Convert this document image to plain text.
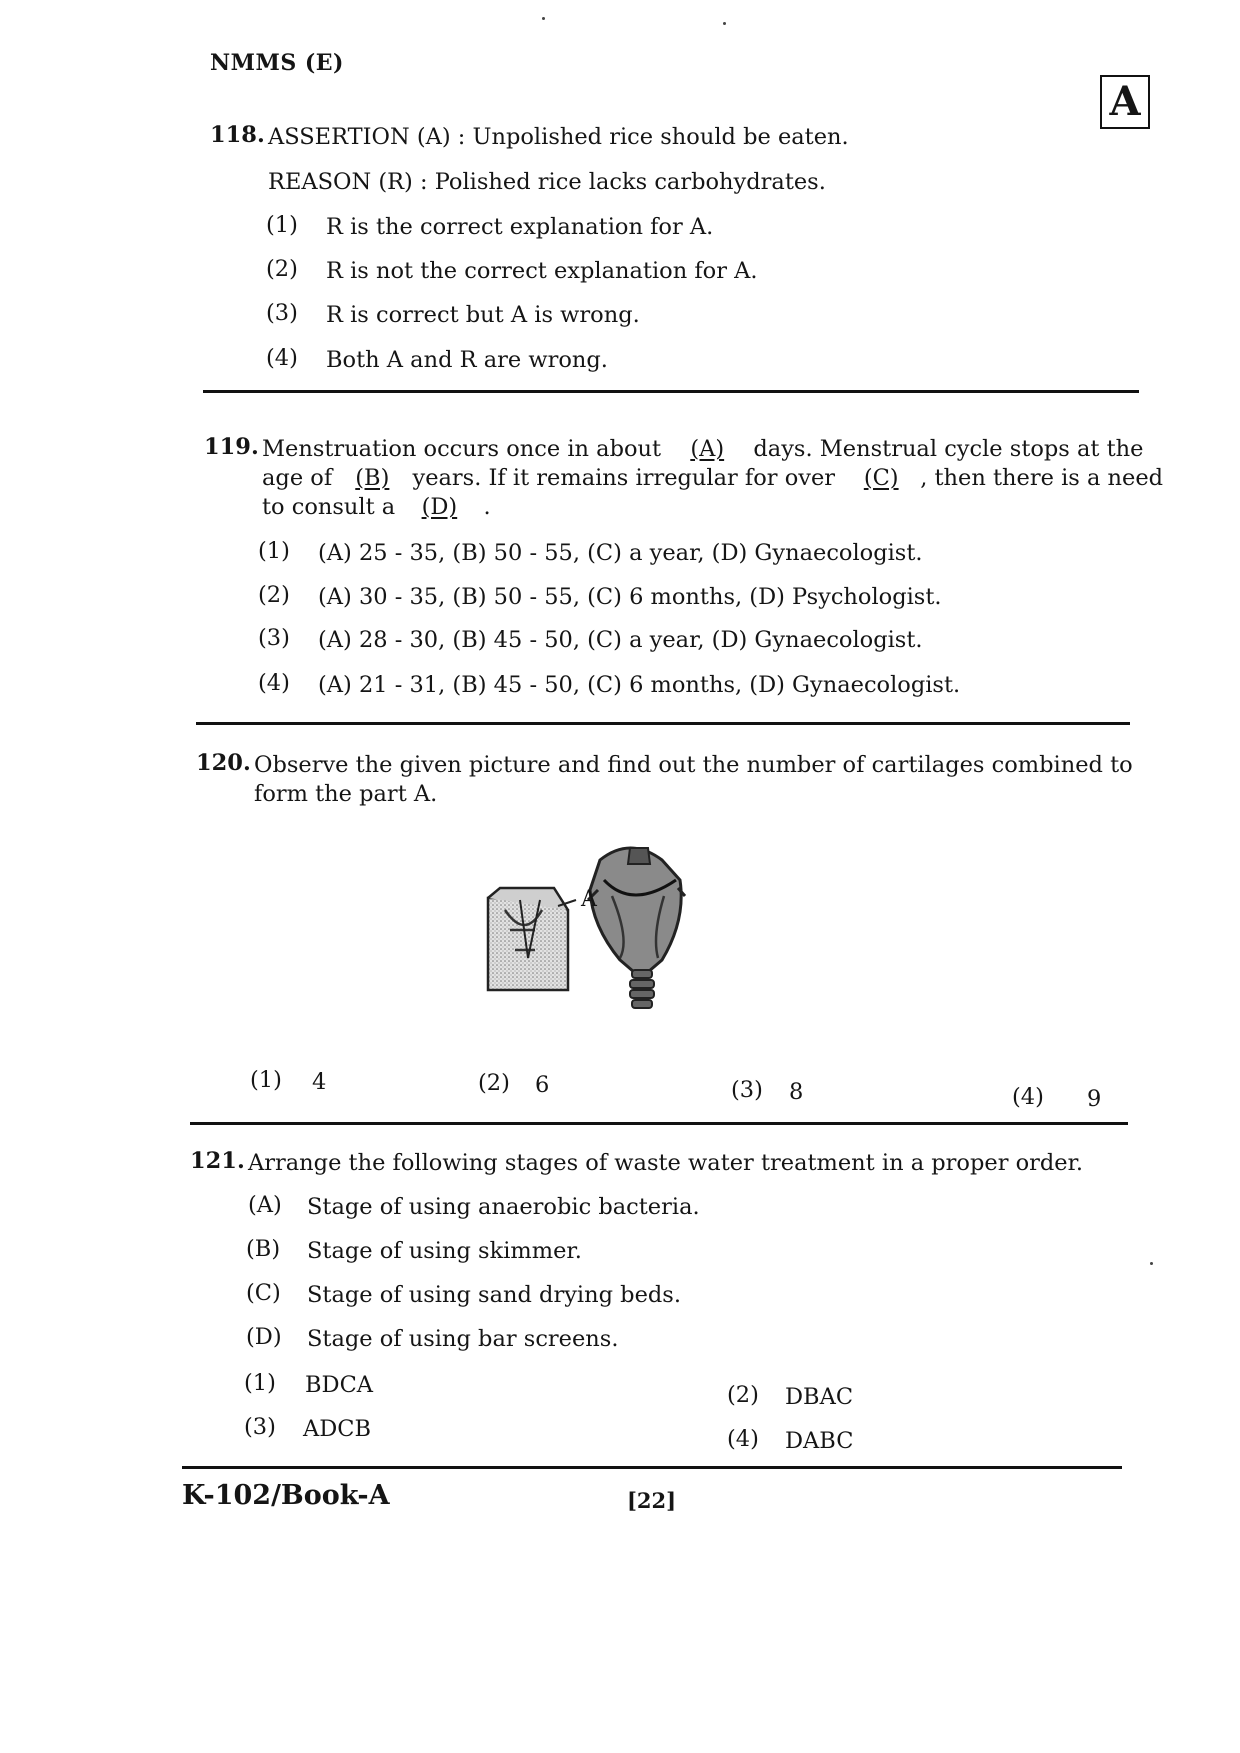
NMMS (E)
A
118. ASSERTION (A) : Unpolished rice should be eaten.
REASON (R) : Polished rice lacks carbohydrates.
(1) R is the correct explanation for A.
(2) R is not the correct explanation for A.
(3) R is correct but A is wrong.
(4) Both A and R are wrong.
119. Menstruation occurs once in about (A) days. Menstrual cycle stops at the
age of (B) years. If it remains irregular for over (C) , then there is a need
to consult a (D) .
(1) (A) 25 - 35, (B) 50 - 55, (C) a year, (D) Gynaecologist.
(2) (A) 30 - 35, (B) 50 - 55, (C) 6 months, (D) Psychologist.
(3) (A) 28 - 30, (B) 45 - 50, (C) a year, (D) Gynaecologist.
(4) (A) 21 - 31, (B) 45 - 50, (C) 6 months, (D) Gynaecologist.
120. Observe the given picture and find out the number of cartilages combined to
form the part A.
A
(1) 4	(2) 6	(3) 8	(4) 9
121. Arrange the following stages of waste water treatment in a proper order.
(A) Stage of using anaerobic bacteria.
(B) Stage of using skimmer.
(C) Stage of using sand drying beds.
(D) Stage of using bar screens.
(1) BDCA	(2) DBAC
(3) ADCB	(4) DABC
K-102/Book-A	[22]
